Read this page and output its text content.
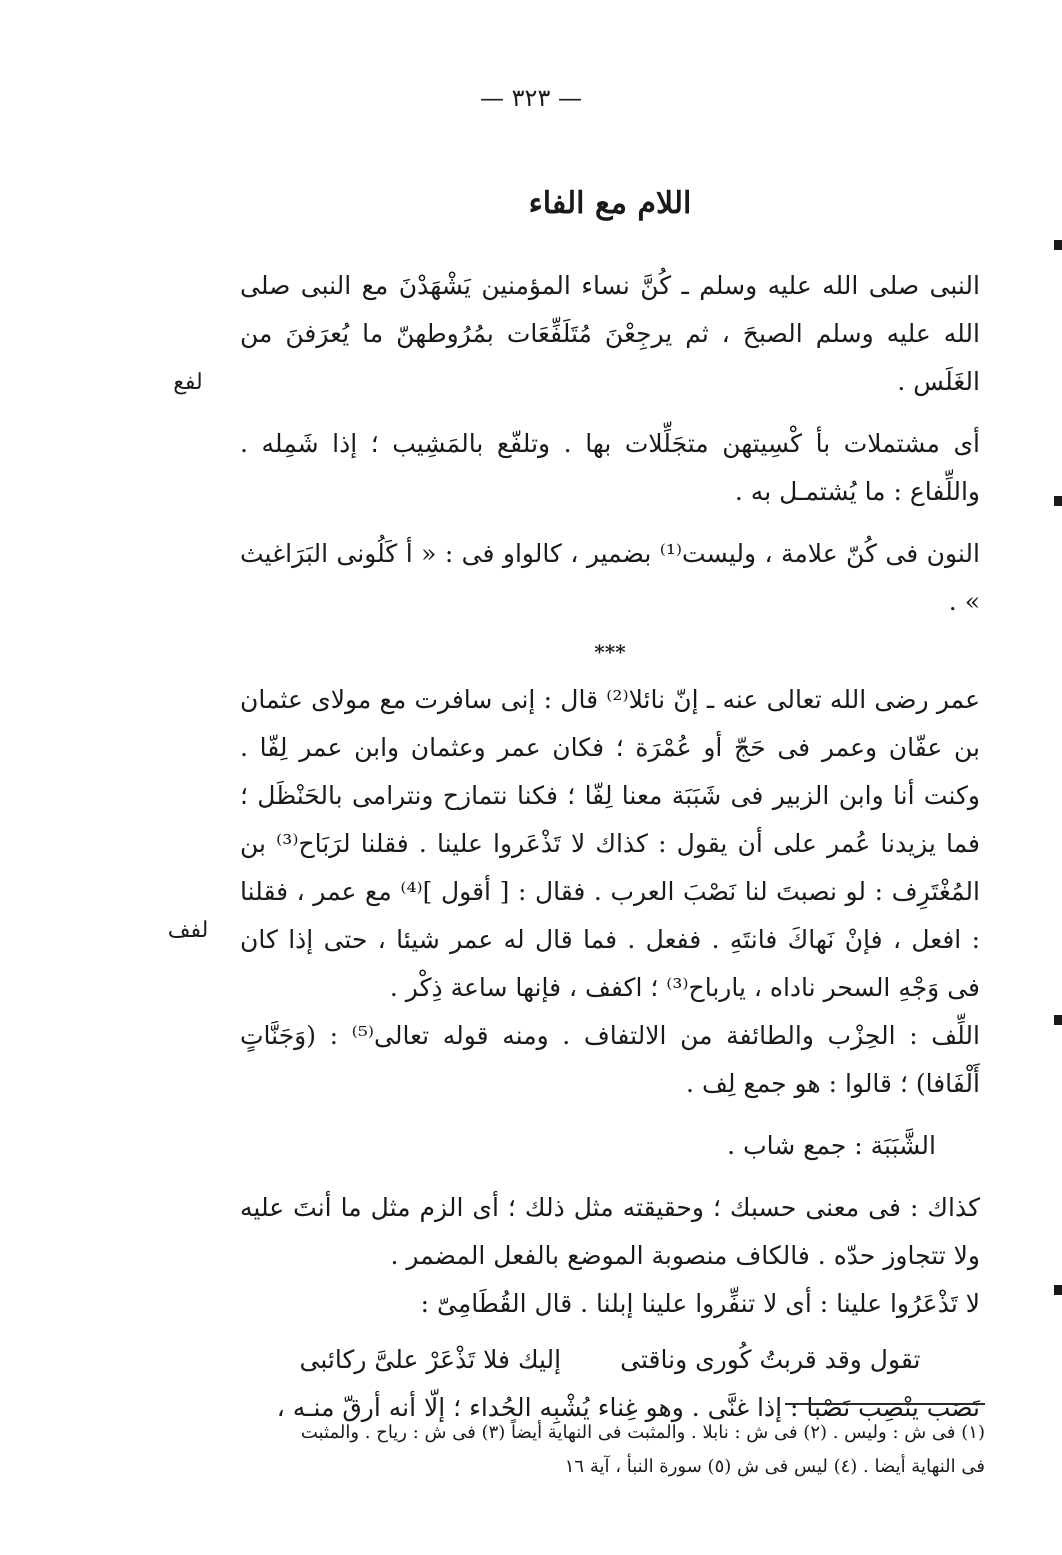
— ٣٢٣ —
اللام مع الفاء
لفع
لفف

النبى صلى الله عليه وسلم ـ كُنَّ نساء المؤمنين يَشْهَدْنَ مع النبى صلى الله عليه وسلم الصبحَ ، ثم يرجِعْنَ مُتَلَفِّعَات بمُرُوطهنّ ما يُعرَفنَ من الغَلَس .

أى مشتملات بأ كْسِيتهن متجَلِّلات بها . وتلفّع بالمَشِيب ؛ إذا شَمِله . واللِّفاع : ما يُشتمـل به .

النون فى كُنّ علامة ، وليست⁽¹⁾ بضمير ، كالواو فى : « أ كَلُونى البَرَاغيث » .

***

عمر رضى الله تعالى عنه ـ إنّ نائلا⁽²⁾ قال : إنى سافرت مع مولاى عثمان بن عفّان وعمر فى حَجّ أو عُمْرَة ؛ فكان عمر وعثمان وابن عمر لِفّا . وكنت أنا وابن الزبير فى شَبَبَة معنا لِفّا ؛ فكنا نتمازح ونترامى بالحَنْظَل ؛ فما يزيدنا عُمر على أن يقول : كذاك لا تَذْعَروا علينا . فقلنا لرَبَاح⁽³⁾ بن المُغْتَرِف : لو نصبتَ لنا نَصْبَ العرب . فقال : [ أقول ]⁽⁴⁾ مع عمر ، فقلنا : افعل ، فإنْ نَهاكَ فانتَهِ . ففعل . فما قال له عمر شيئا ، حتى إذا كان فى وَجْهِ السحر ناداه ، يارباح⁽³⁾ ؛ اكفف ، فإنها ساعة ذِكْر .

اللِّف : الحِزْب والطائفة من الالتفاف . ومنه قوله تعالى⁽⁵⁾ : (وَجَنَّاتٍ أَلْفَافا) ؛ قالوا : هو جمع لِف .

الشَّبَبَة : جمع شاب .

كذاك : فى معنى حسبك ؛ وحقيقته مثل ذلك ؛ أى الزم مثل ما أنتَ عليه ولا تتجاوز حدّه . فالكاف منصوبة الموضع بالفعل المضمر .

لا تَذْعَرُوا علينا : أى لا تنفِّروا علينا إبلنا . قال القُطَامِىّ :

تقول وقد قربتُ كُورى وناقتى
إليك فلا تَذْعَرْ علىَّ ركائبى

نَصَب ينْصِب نَصْبا : إذا غنَّى . وهو غِناء يُشْبِه الحُداء ؛ إلّا أنه أرقّ منـه ،

(١) فى ش : وليس . (٢) فى ش : نابلا . والمثبت فى النهاية أيضاً (٣) فى ش : رياح . والمثبت

فى النهاية أيضا . (٤) ليس فى ش (٥) سورة النبأ ، آية ١٦
